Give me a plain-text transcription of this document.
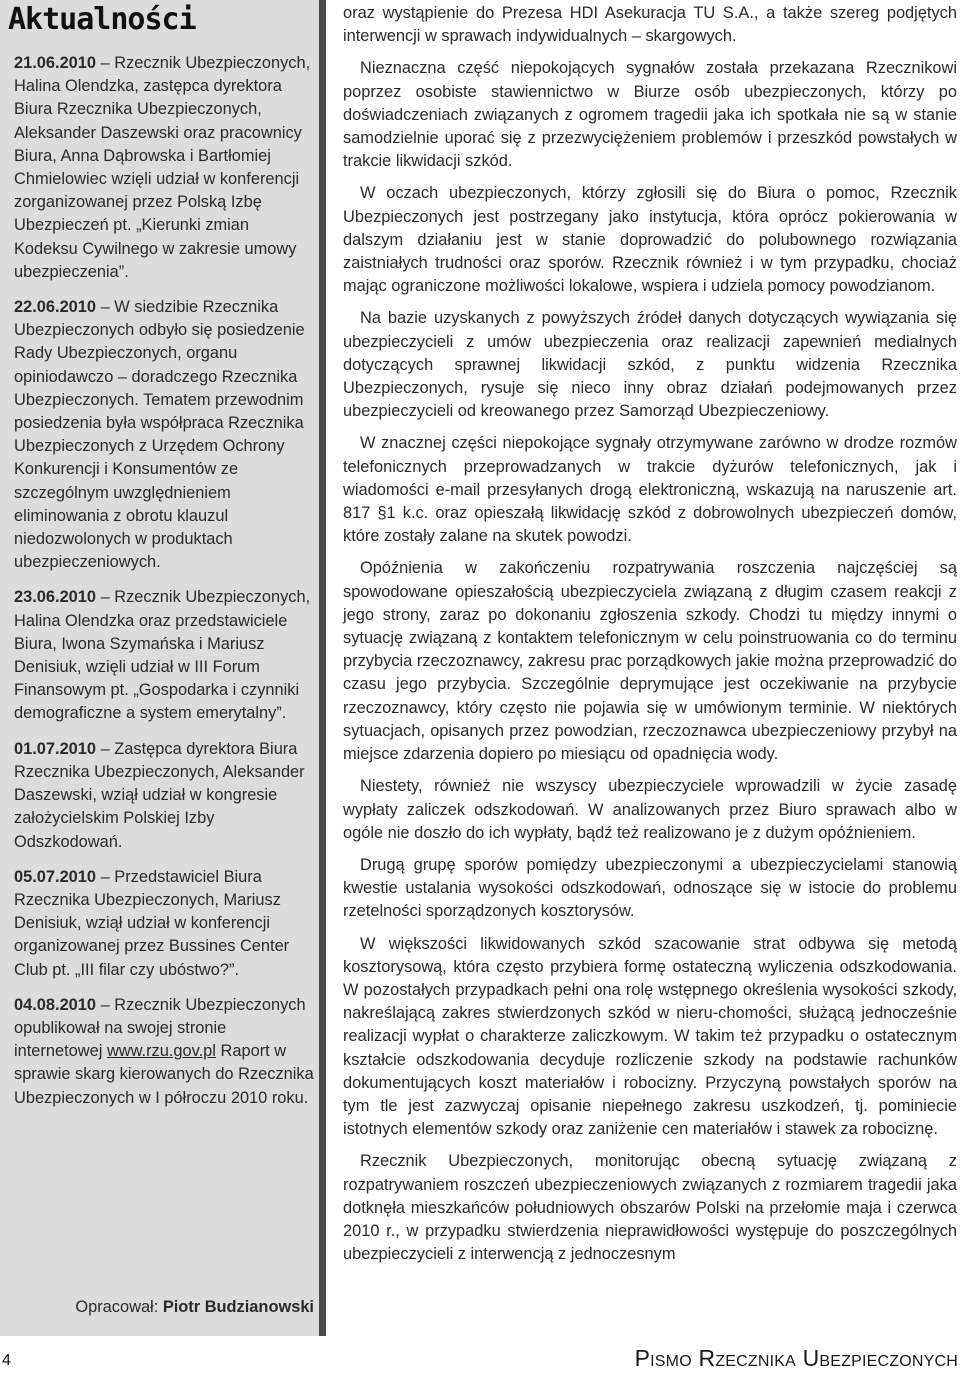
Aktualności

21.06.2010 – Rzecznik Ubezpieczonych, Halina Olendzka, zastępca dyrektora Biura Rzecznika Ubezpieczonych, Aleksander Daszewski oraz pracownicy Biura, Anna Dąbrowska i Bartłomiej Chmielowiec wzięli udział w konferencji zorganizowanej przez Polską Izbę Ubezpieczeń pt. „Kierunki zmian Kodeksu Cywilnego w zakresie umowy ubezpieczenia”.

22.06.2010 – W siedzibie Rzecznika Ubezpieczonych odbyło się posiedzenie Rady Ubezpieczonych, organu opiniodawczo – doradczego Rzecznika Ubezpieczonych. Tematem przewodnim posiedzenia była współpraca Rzecznika Ubezpieczonych z Urzędem Ochrony Konkurencji i Konsumentów ze szczególnym uwzględnieniem eliminowania z obrotu klauzul niedozwolonych w produktach ubezpieczeniowych.

23.06.2010 – Rzecznik Ubezpieczonych, Halina Olendzka oraz przedstawiciele Biura, Iwona Szymańska i Mariusz Denisiuk, wzięli udział w III Forum Finansowym pt. „Gospodarka i czynniki demograficzne a system emerytalny”.

01.07.2010 – Zastępca dyrektora Biura Rzecznika Ubezpieczonych, Aleksander Daszewski, wziął udział w kongresie założycielskim Polskiej Izby Odszkodowań.

05.07.2010 – Przedstawiciel Biura Rzecznika Ubezpieczonych, Mariusz Denisiuk, wziął udział w konferencji organizowanej przez Bussines Center Club pt. „III filar czy ubóstwo?”.

04.08.2010 – Rzecznik Ubezpieczonych opublikował na swojej stronie internetowej www.rzu.gov.pl Raport w sprawie skarg kierowanych do Rzecznika Ubezpieczonych w I półroczu 2010 roku.

Opracował: Piotr Budzianowski

oraz wystąpienie do Prezesa HDI Asekuracja TU S.A., a także szereg podjętych interwencji w sprawach indywidualnych – skargowych.

Nieznaczna część niepokojących sygnałów została przekazana Rzecznikowi poprzez osobiste stawiennictwo w Biurze osób ubezpieczonych, którzy po doświadczeniach związanych z ogromem tragedii jaka ich spotkała nie są w stanie samodzielnie uporać się z przezwyciężeniem problemów i przeszkód powstałych w trakcie likwidacji szkód.

W oczach ubezpieczonych, którzy zgłosili się do Biura o pomoc, Rzecznik Ubezpieczonych jest postrzegany jako instytucja, która oprócz pokierowania w dalszym działaniu jest w stanie doprowadzić do polubownego rozwiązania zaistniałych trudności oraz sporów. Rzecznik również i w tym przypadku, chociaż mając ograniczone możliwości lokalowe, wspiera i udziela pomocy powodzianom.

Na bazie uzyskanych z powyższych źródeł danych dotyczących wywiązania się ubezpieczycieli z umów ubezpieczenia oraz realizacji zapewnień medialnych dotyczących sprawnej likwidacji szkód, z punktu widzenia Rzecznika Ubezpieczonych, rysuje się nieco inny obraz działań podejmowanych przez ubezpieczycieli od kreowanego przez Samorząd Ubezpieczeniowy.

W znacznej części niepokojące sygnały otrzymywane zarówno w drodze rozmów telefonicznych przeprowadzanych w trakcie dyżurów telefonicznych, jak i wiadomości e-mail przesyłanych drogą elektroniczną, wskazują na naruszenie art. 817 §1 k.c. oraz opieszałą likwidację szkód z dobrowolnych ubezpieczeń domów, które zostały zalane na skutek powodzi.

Opóźnienia w zakończeniu rozpatrywania roszczenia najczęściej są spowodowane opieszałością ubezpieczyciela związaną z długim czasem reakcji z jego strony, zaraz po dokonaniu zgłoszenia szkody. Chodzi tu między innymi o sytuację związaną z kontaktem telefonicznym w celu poinstruowania co do terminu przybycia rzeczoznawcy, zakresu prac porządkowych jakie można przeprowadzić do czasu jego przybycia. Szczególnie deprymujące jest oczekiwanie na przybycie rzeczoznawcy, który często nie pojawia się w umówionym terminie. W niektórych sytuacjach, opisanych przez powodzian, rzeczoznawca ubezpieczeniowy przybył na miejsce zdarzenia dopiero po miesiącu od opadnięcia wody.

Niestety, również nie wszyscy ubezpieczyciele wprowadzili w życie zasadę wypłaty zaliczek odszkodowań. W analizowanych przez Biuro sprawach albo w ogóle nie doszło do ich wypłaty, bądź też realizowano je z dużym opóźnieniem.

Drugą grupę sporów pomiędzy ubezpieczonymi a ubezpieczycielami stanowią kwestie ustalania wysokości odszkodowań, odnoszące się w istocie do problemu rzetelności sporządzonych kosztorysów.

W większości likwidowanych szkód szacowanie strat odbywa się metodą kosztorysową, która często przybiera formę ostateczną wyliczenia odszkodowania. W pozostałych przypadkach pełni ona rolę wstępnego określenia wysokości szkody, nakreślającą zakres stwierdzonych szkód w nieru-chomości, służącą jednocześnie realizacji wypłat o charakterze zaliczkowym. W takim też przypadku o ostatecznym kształcie odszkodowania decyduje rozliczenie szkody na podstawie rachunków dokumentujących koszt materiałów i robocizny. Przyczyną powstałych sporów na tym tle jest zazwyczaj opisanie niepełnego zakresu uszkodzeń, tj. pominiecie istotnych elementów szkody oraz zaniżenie cen materiałów i stawek za robociznę.

Rzecznik Ubezpieczonych, monitorując obecną sytuację związaną z rozpatrywaniem roszczeń ubezpieczeniowych związanych z rozmiarem tragedii jaka dotknęła mieszkańców południowych obszarów Polski na przełomie maja i czerwca 2010 r., w przypadku stwierdzenia nieprawidłowości występuje do poszczególnych ubezpieczycieli z interwencją z jednoczesnym

4	Pismo Rzecznika Ubezpieczonych
